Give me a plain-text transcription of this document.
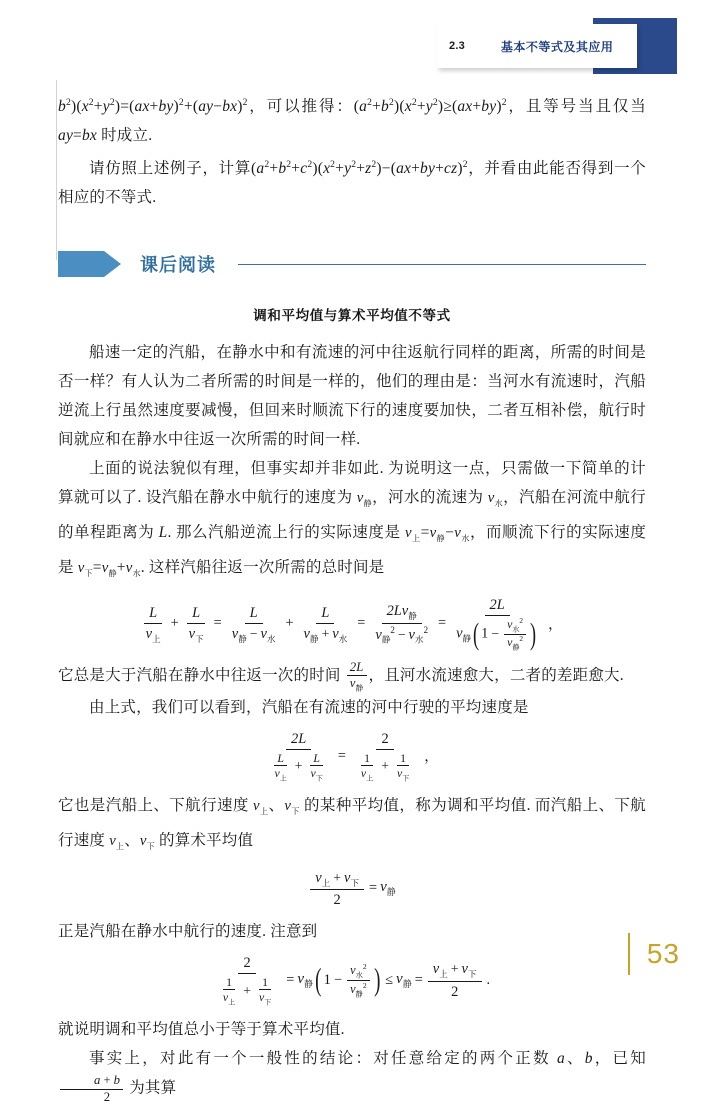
2.3	基本不等式及其应用

$b^2)(x^2+y^2)=(ax+by)^2+(ay-bx)^2$，可以推得：$(a^2+b^2)(x^2+y^2)\ge(ax+by)^2$，且等号当且仅当 ay=bx 时成立.

请仿照上述例子，计算$(a^2+b^2+c^2)(x^2+y^2+z^2)-(ax+by+cz)^2$，并看由此能否得到一个相应的不等式.

课后阅读
调和平均值与算术平均值不等式

船速一定的汽船，在静水中和有流速的河中往返航行同样的距离，所需的时间是否一样？有人认为二者所需的时间是一样的，他们的理由是：当河水有流速时，汽船逆流上行虽然速度要减慢，但回来时顺流下行的速度要加快，二者互相补偿，航行时间就应和在静水中往返一次所需的时间一样.

上面的说法貌似有理，但事实却并非如此. 为说明这一点，只需做一下简单的计算就可以了. 设汽船在静水中航行的速度为 $v_静$，河水的流速为 $v_水$，汽船在河流中航行的单程距离为 L. 那么汽船逆流上行的实际速度是 $v_上=v_静-v_水$，而顺流下行的实际速度是 $v_下=v_静+v_水$. 这样汽船往返一次所需的总时间是

$\frac{L}{v_上} + \frac{L}{v_下} = \frac{L}{v_静 - v_水} + \frac{L}{v_静 + v_水} = \frac{2Lv_静}{v_静^2 - v_水^2} = \frac{2L}{v_静( 1 - \frac{v_水^2}{v_静^2} )}$ ，

它总是大于汽船在静水中往返一次的时间 $\frac{2L}{v_静}$ ，且河水流速愈大，二者的差距愈大.

由上式，我们可以看到，汽船在有流速的河中行驶的平均速度是

$\frac{2L}{\frac{L}{v_上} + \frac{L}{v_下}} = \frac{2}{\frac{1}{v_上} + \frac{1}{v_下}}$ ，

它也是汽船上、下航行速度 $v_上$、$v_下$ 的某种平均值，称为调和平均值. 而汽船上、下航行速度 $v_上$、$v_下$ 的算术平均值

$\frac{v_上 + v_下}{2} = v_静$

正是汽船在静水中航行的速度. 注意到

$\frac{2}{\frac{1}{v_上} + \frac{1}{v_下}} = v_静$ ( $1 - \frac{v_水^2}{v_静^2}$ ) ≤ $v_静 = \frac{v_上 + v_下}{2}$ .

就说明调和平均值总小于等于算术平均值.

事实上，对此有一个一般性的结论：对任意给定的两个正数 a、b，已知
$\frac{a + b}{2}$ 为其算

53
